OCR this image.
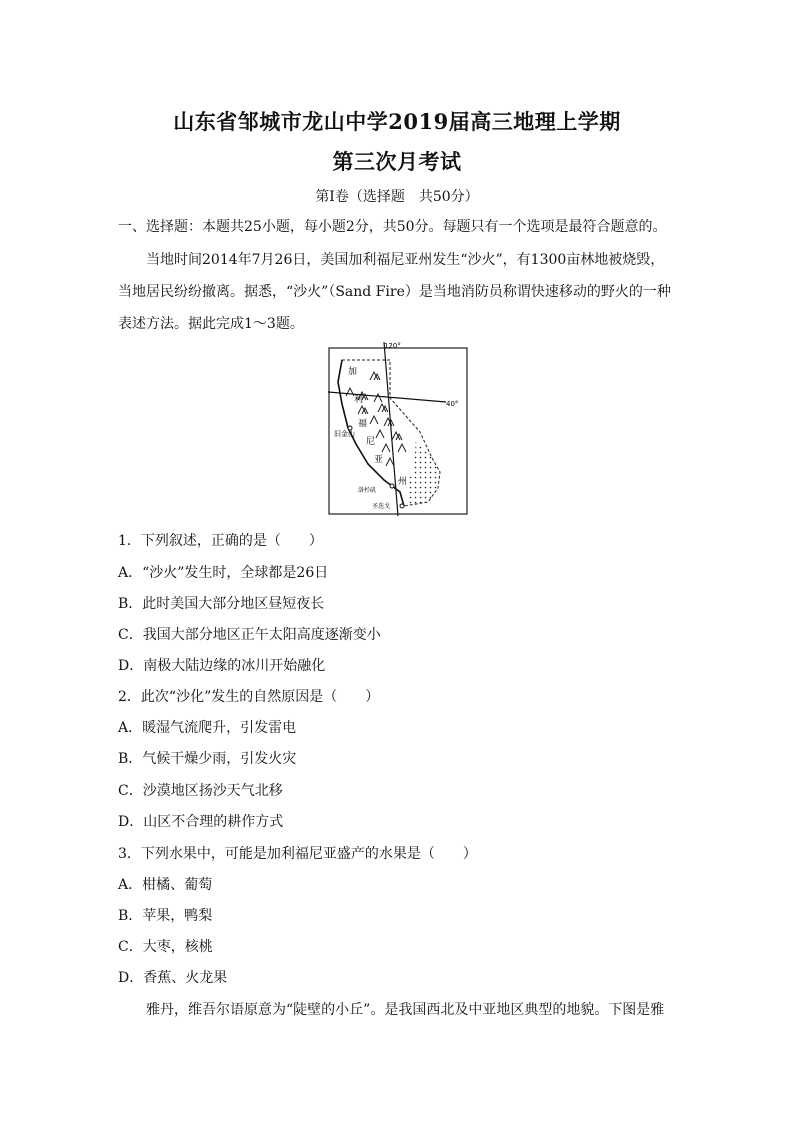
山东省邹城市龙山中学2019届高三地理上学期
第三次月考试
第Ⅰ卷（选择题　共50分）
一、选择题：本题共25小题，每小题2分，共50分。每题只有一个选项是最符合题意的。
当地时间2014年7月26日，美国加利福尼亚州发生“沙火”，有1300亩林地被烧毁，
当地居民纷纷撤离。据悉，“沙火”（Sand Fire）是当地消防员称谓快速移动的野火的一种
表述方法。据此完成1～3题。
120°
40°
加
利
福
尼
亚
州
旧金山
洛杉矶
圣迭戈
1．下列叙述，正确的是（　　）
A．“沙火”发生时，全球都是26日
B．此时美国大部分地区昼短夜长
C．我国大部分地区正午太阳高度逐渐变小
D．南极大陆边缘的冰川开始融化
2．此次“沙化”发生的自然原因是（　　）
A．暖湿气流爬升，引发雷电
B．气候干燥少雨，引发火灾
C．沙漠地区扬沙天气北移
D．山区不合理的耕作方式
3．下列水果中，可能是加利福尼亚盛产的水果是（　　）
A．柑橘、葡萄
B．苹果，鸭梨
C．大枣，核桃
D．香蕉、火龙果
雅丹，维吾尔语原意为“陡壁的小丘”。是我国西北及中亚地区典型的地貌。下图是雅
